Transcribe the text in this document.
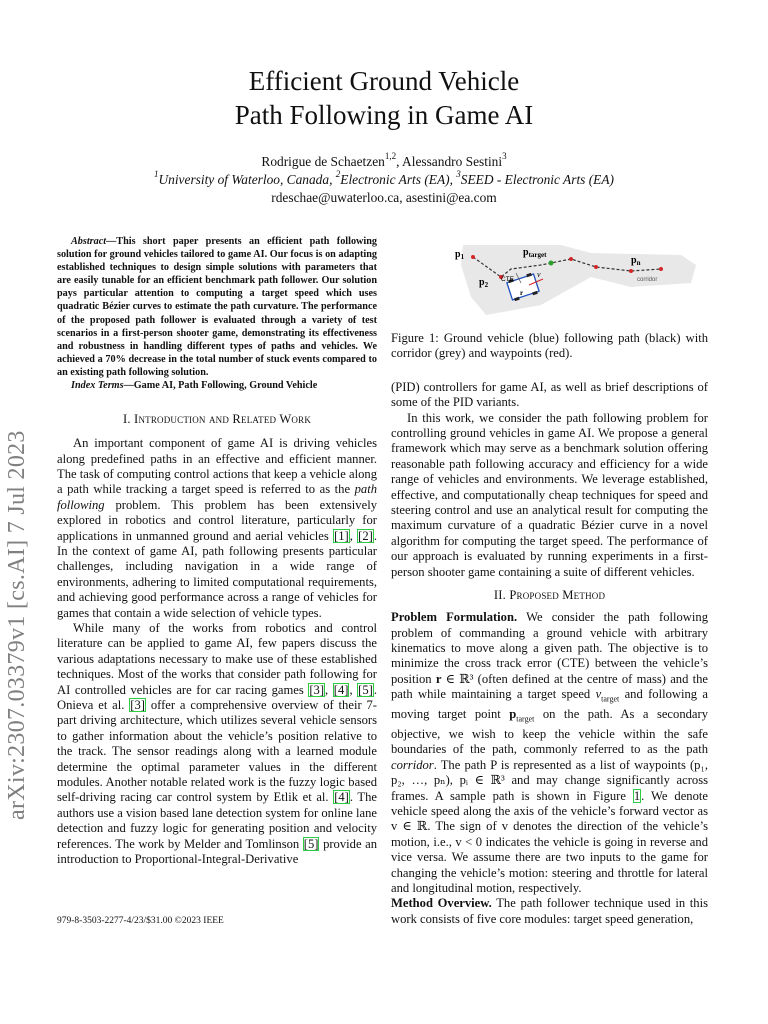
Efficient Ground Vehicle
Path Following in Game AI
Rodrigue de Schaetzen$^{1,2}$, Alessandro Sestini$^3$
$^1$University of Waterloo, Canada, $^2$Electronic Arts (EA), $^3$SEED - Electronic Arts (EA)
rdeschae@uwaterloo.ca, asestini@ea.com
arXiv:2307.03379v1 [cs.AI] 7 Jul 2023

Abstract—This short paper presents an efficient path following solution for ground vehicles tailored to game AI. Our focus is on adapting established techniques to design simple solutions with parameters that are easily tunable for an efficient benchmark path follower. Our solution pays particular attention to computing a target speed which uses quadratic Bézier curves to estimate the path curvature. The performance of the proposed path follower is evaluated through a variety of test scenarios in a first-person shooter game, demonstrating its effectiveness and robustness in handling different types of paths and vehicles. We achieved a 70% decrease in the total number of stuck events compared to an existing path following solution.

Index Terms—Game AI, Path Following, Ground Vehicle

I. Introduction and Related Work

An important component of game AI is driving vehicles along predefined paths in an effective and efficient manner. The task of computing control actions that keep a vehicle along a path while tracking a target speed is referred to as the path following problem. This problem has been extensively explored in robotics and control literature, particularly for applications in unmanned ground and aerial vehicles [1], [2]. In the context of game AI, path following presents particular challenges, including navigation in a wide range of environments, adhering to limited computational requirements, and achieving good performance across a range of vehicles for games that contain a wide selection of vehicle types.

While many of the works from robotics and control literature can be applied to game AI, few papers discuss the various adaptations necessary to make use of these established techniques. Most of the works that consider path following for AI controlled vehicles are for car racing games [3], [4], [5]. Onieva et al. [3] offer a comprehensive overview of their 7-part driving architecture, which utilizes several vehicle sensors to gather information about the vehicle’s position relative to the track. The sensor readings along with a learned module determine the optimal parameter values in the different modules. Another notable related work is the fuzzy logic based self-driving racing car control system by Etlik et al. [4]. The authors use a vision based lane detection system for online lane detection and fuzzy logic for generating position and velocity references. The work by Melder and Tomlinson [5] provide an introduction to Proportional-Integral-Derivative

979-8-3503-2277-4/23/$31.00 ©2023 IEEE
$p_1$
$p_2$
$p_{target}$	$p_n$
CTE
v
r
corridor

Figure 1: Ground vehicle (blue) following path (black) with corridor (grey) and waypoints (red).

(PID) controllers for game AI, as well as brief descriptions of some of the PID variants.

In this work, we consider the path following problem for controlling ground vehicles in game AI. We propose a general framework which may serve as a benchmark solution offering reasonable path following accuracy and efficiency for a wide range of vehicles and environments. We leverage established, effective, and computationally cheap techniques for speed and steering control and use an analytical result for computing the maximum curvature of a quadratic Bézier curve in a novel algorithm for computing the target speed. The performance of our approach is evaluated by running experiments in a first-person shooter game containing a suite of different vehicles.

II. Proposed Method

Problem Formulation. We consider the path following problem of commanding a ground vehicle with arbitrary kinematics to move along a given path. The objective is to minimize the cross track error (CTE) between the vehicle’s position r ∈ ℝ³ (often defined at the centre of mass) and the path while maintaining a target speed $v_{target}$ and following a moving target point $p_{target}$ on the path. As a secondary objective, we wish to keep the vehicle within the safe boundaries of the path, commonly referred to as the path corridor. The path P is represented as a list of waypoints (p₁, p₂, …, pₙ), pᵢ ∈ ℝ³ and may change significantly across frames. A sample path is shown in Figure 1. We denote vehicle speed along the axis of the vehicle’s forward vector as v ∈ ℝ. The sign of v denotes the direction of the vehicle’s motion, i.e., v < 0 indicates the vehicle is going in reverse and vice versa. We assume there are two inputs to the game for changing the vehicle’s motion: steering and throttle for lateral and longitudinal motion, respectively.

Method Overview. The path follower technique used in this work consists of five core modules: target speed generation,
